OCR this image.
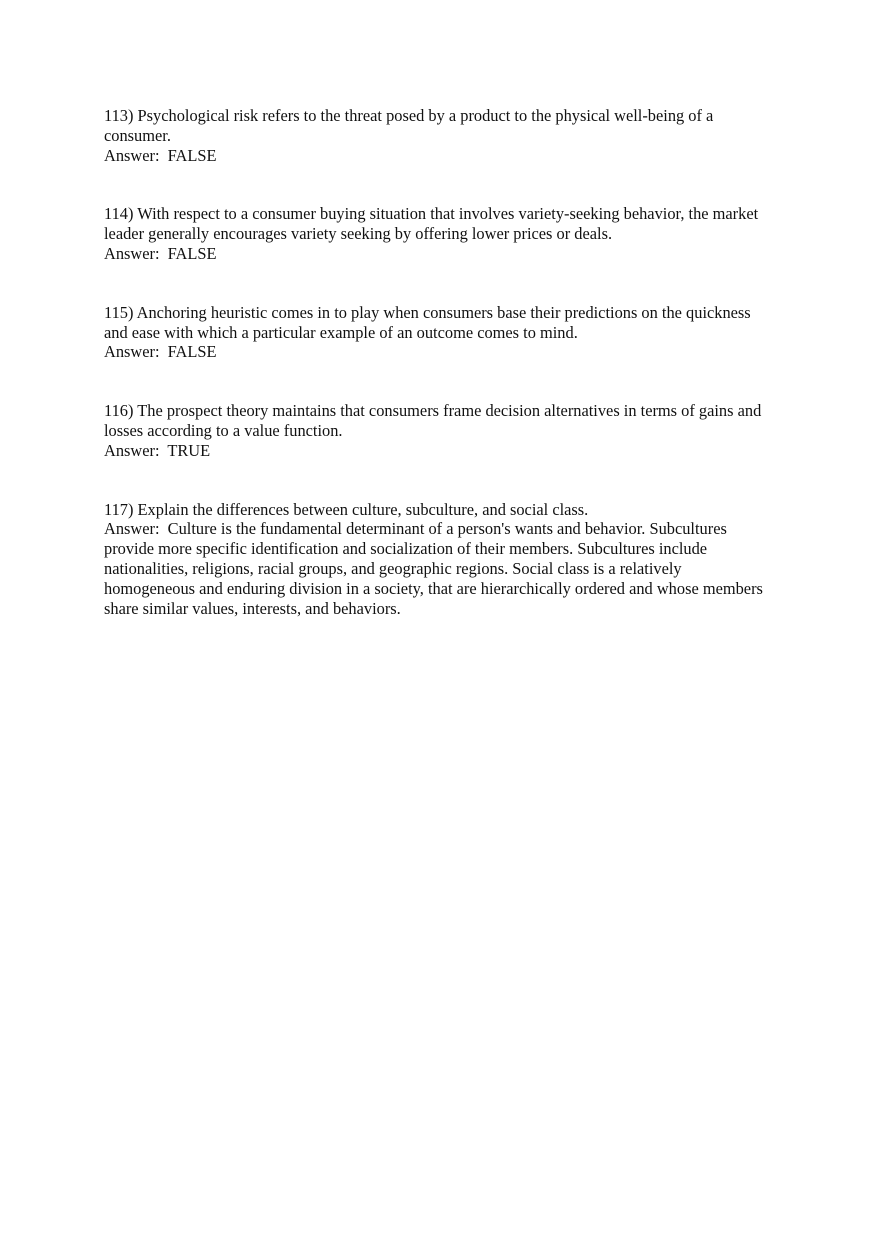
113) Psychological risk refers to the threat posed by a product to the physical well-being of a consumer.

Answer: FALSE

114) With respect to a consumer buying situation that involves variety-seeking behavior, the market leader generally encourages variety seeking by offering lower prices or deals.

Answer: FALSE

115) Anchoring heuristic comes in to play when consumers base their predictions on the quickness and ease with which a particular example of an outcome comes to mind.

Answer: FALSE

116) The prospect theory maintains that consumers frame decision alternatives in terms of gains and losses according to a value function.

Answer: TRUE

117) Explain the differences between culture, subculture, and social class.

Answer: Culture is the fundamental determinant of a person's wants and behavior. Subcultures provide more specific identification and socialization of their members. Subcultures include nationalities, religions, racial groups, and geographic regions. Social class is a relatively homogeneous and enduring division in a society, that are hierarchically ordered and whose members share similar values, interests, and behaviors.
